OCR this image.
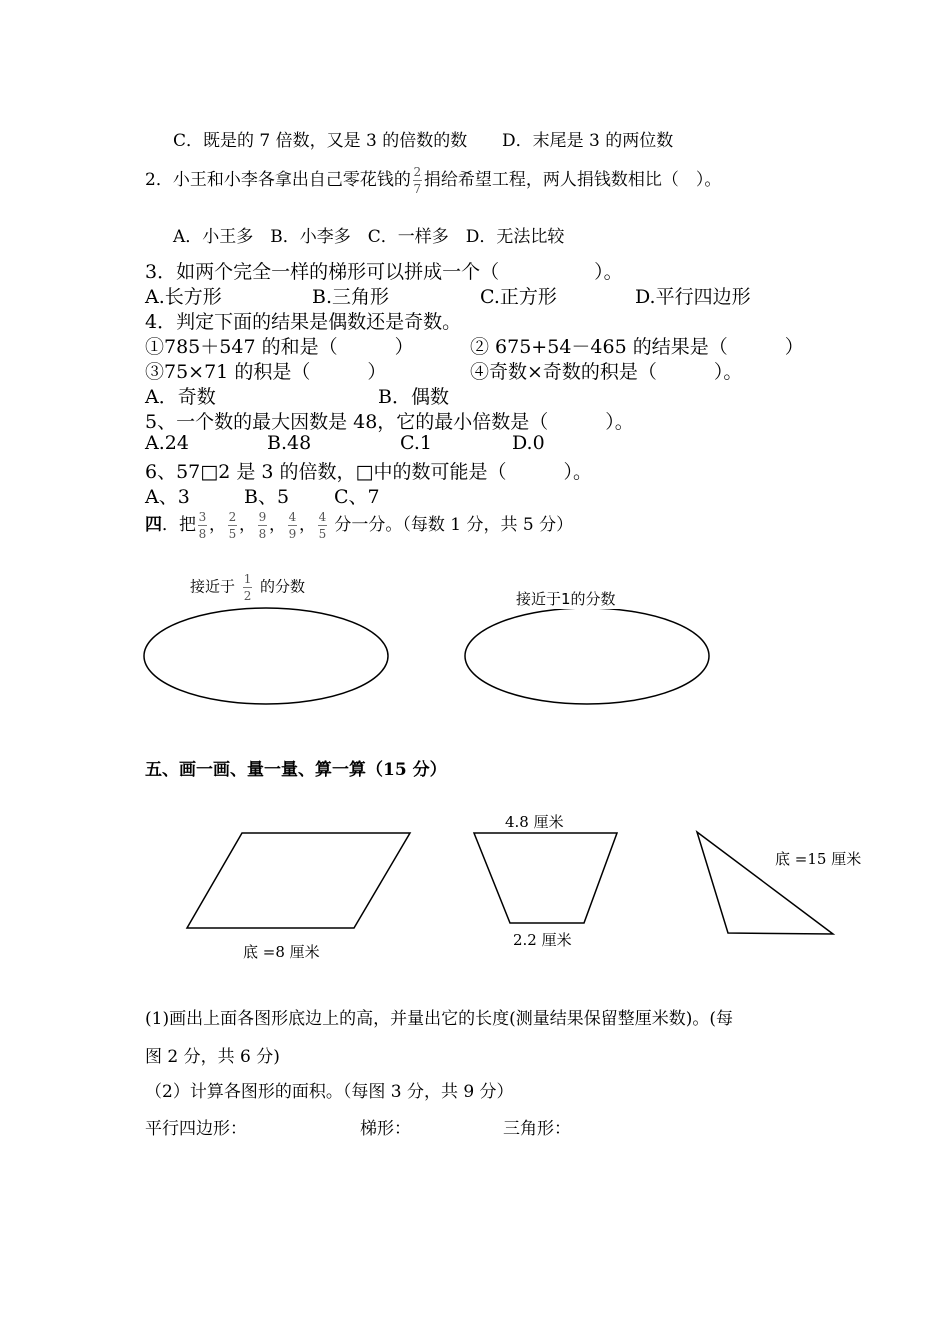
C．既是的 7 倍数，又是 3 的倍数的数 D．末尾是 3 的两位数
2．小王和小李各拿出自己零花钱的 $\frac{2}{7}$ 捐给希望工程，两人捐钱数相比（　）。
A．小王多　B．小李多　C．一样多　D．无法比较
3．如两个完全一样的梯形可以拼成一个（　　　　　）。
A.长方形	B.三角形	C.正方形	D.平行四边形
4．判定下面的结果是偶数还是奇数。
①785＋547 的和是（　　　）	② 675+54－465 的结果是（　　　）
③75×71 的积是（　　　）	④奇数×奇数的积是（　　　）。
A．奇数	B．偶数
5、一个数的最大因数是 48，它的最小倍数是（　　　）。
A.24	B.48	C.1	D.0
6、57□2 是 3 的倍数，□中的数可能是（　　　）。
A、3	B、5 C、7
四．把 $\frac{3}{8}$ ， $\frac{2}{5}$ ， $\frac{9}{8}$ ， $\frac{4}{9}$ ， $\frac{4}{5}$ 分一分。（每数 1 分，共 5 分）
接近于 $\frac{1}{2}$ 的分数
接近于1的分数
五、画一画、量一量、算一算（15 分）
4.8 厘米
底 =15 厘米
2.2 厘米
底 =8 厘米
(1)画出上面各图形底边上的高，并量出它的长度(测量结果保留整厘米数)。(每
图 2 分，共 6 分)
（2）计算各图形的面积。（每图 3 分，共 9 分）
平行四边形：	梯形：	三角形：
